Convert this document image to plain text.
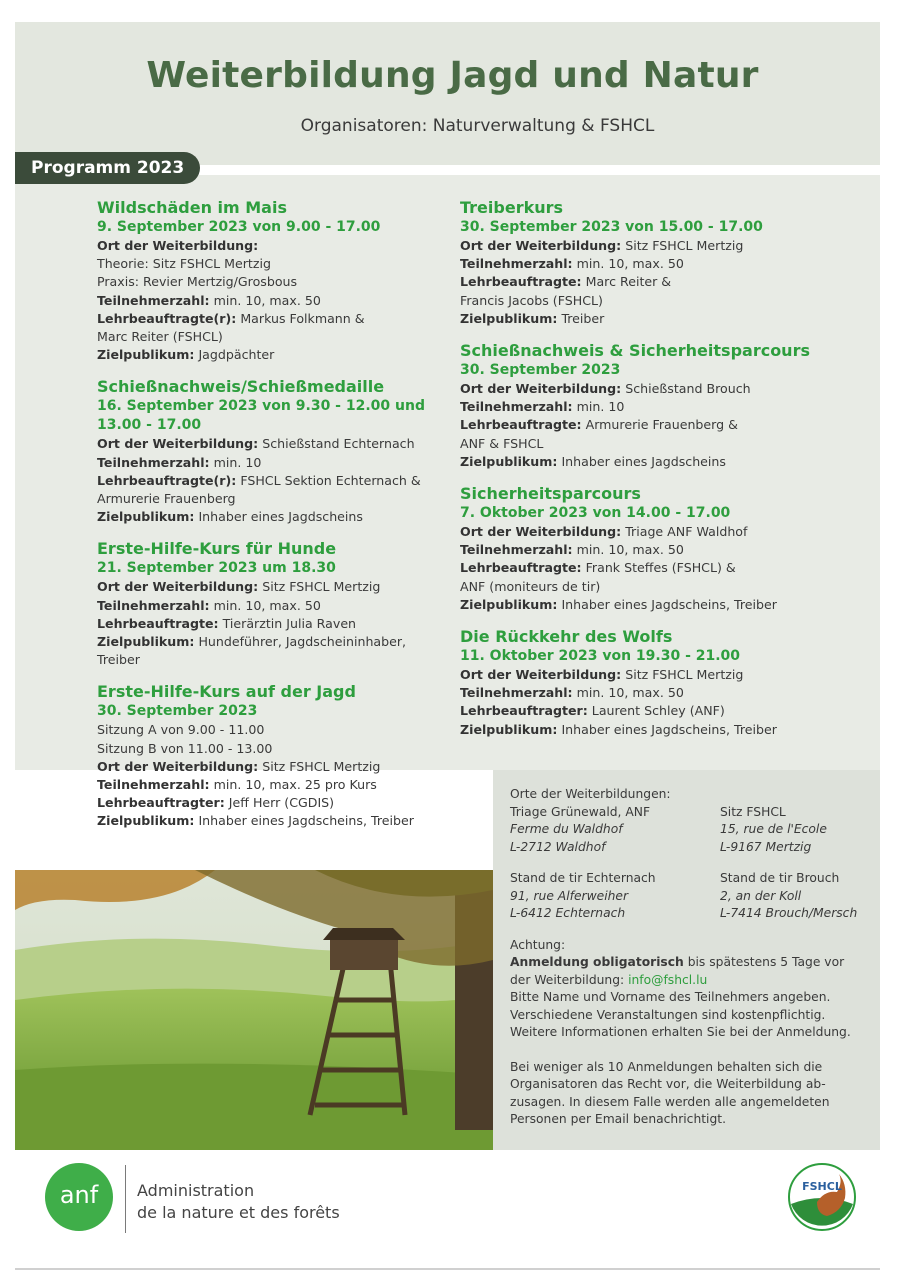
Weiterbildung Jagd und Natur
Organisatoren: Naturverwaltung & FSHCL
Programm 2023
Wildschäden im Mais
9. September 2023 von 9.00 - 17.00
Ort der Weiterbildung:
Theorie: Sitz FSHCL Mertzig
Praxis: Revier Mertzig/Grosbous
Teilnehmerzahl: min. 10, max. 50
Lehrbeauftragte(r): Markus Folkmann &
Marc Reiter (FSHCL)
Zielpublikum: Jagdpächter
Schießnachweis/Schießmedaille
16. September 2023 von 9.30 - 12.00 und
13.00 - 17.00
Ort der Weiterbildung: Schießstand Echternach
Teilnehmerzahl: min. 10
Lehrbeauftragte(r): FSHCL Sektion Echternach &
Armurerie Frauenberg
Zielpublikum: Inhaber eines Jagdscheins
Erste-Hilfe-Kurs für Hunde
21. September 2023 um 18.30
Ort der Weiterbildung: Sitz FSHCL Mertzig
Teilnehmerzahl: min. 10, max. 50
Lehrbeauftragte: Tierärztin Julia Raven
Zielpublikum: Hundeführer, Jagdscheininhaber,
Treiber
Erste-Hilfe-Kurs auf der Jagd
30. September 2023
Sitzung A von 9.00 - 11.00
Sitzung B von 11.00 - 13.00
Ort der Weiterbildung: Sitz FSHCL Mertzig
Teilnehmerzahl: min. 10, max. 25 pro Kurs
Lehrbeauftragter: Jeff Herr (CGDIS)
Zielpublikum: Inhaber eines Jagdscheins, Treiber
Treiberkurs
30. September 2023 von 15.00 - 17.00
Ort der Weiterbildung: Sitz FSHCL Mertzig
Teilnehmerzahl: min. 10, max. 50
Lehrbeauftragte: Marc Reiter &
Francis Jacobs (FSHCL)
Zielpublikum: Treiber
Schießnachweis & Sicherheitsparcours
30. September 2023
Ort der Weiterbildung: Schießstand Brouch
Teilnehmerzahl: min. 10
Lehrbeauftragte: Armurerie Frauenberg &
ANF & FSHCL
Zielpublikum: Inhaber eines Jagdscheins
Sicherheitsparcours
7. Oktober 2023 von 14.00 - 17.00
Ort der Weiterbildung: Triage ANF Waldhof
Teilnehmerzahl: min. 10, max. 50
Lehrbeauftragte: Frank Steffes (FSHCL) &
ANF (moniteurs de tir)
Zielpublikum: Inhaber eines Jagdscheins, Treiber
Die Rückkehr des Wolfs
11. Oktober 2023 von 19.30 - 21.00
Ort der Weiterbildung: Sitz FSHCL Mertzig
Teilnehmerzahl: min. 10, max. 50
Lehrbeauftragter: Laurent Schley (ANF)
Zielpublikum: Inhaber eines Jagdscheins, Treiber
Orte der Weiterbildungen:
Triage Grünewald, ANF
Ferme du Waldhof
L-2712 Waldhof
Sitz FSHCL
15, rue de l'Ecole
L-9167 Mertzig
Stand de tir Echternach
91, rue Alferweiher
L-6412 Echternach
Stand de tir Brouch
2, an der Koll
L-7414 Brouch/Mersch
Achtung:
Anmeldung obligatorisch bis spätestens 5 Tage vor
der Weiterbildung: info@fshcl.lu
Bitte Name und Vorname des Teilnehmers angeben.
Verschiedene Veranstaltungen sind kostenpflichtig.
Weitere Informationen erhalten Sie bei der Anmeldung.
Bei weniger als 10 Anmeldungen behalten sich die
Organisatoren das Recht vor, die Weiterbildung ab-
zusagen. In diesem Falle werden alle angemeldeten
Personen per Email benachrichtigt.
anf	Administration
de la nature et des forêts
FSHCL
